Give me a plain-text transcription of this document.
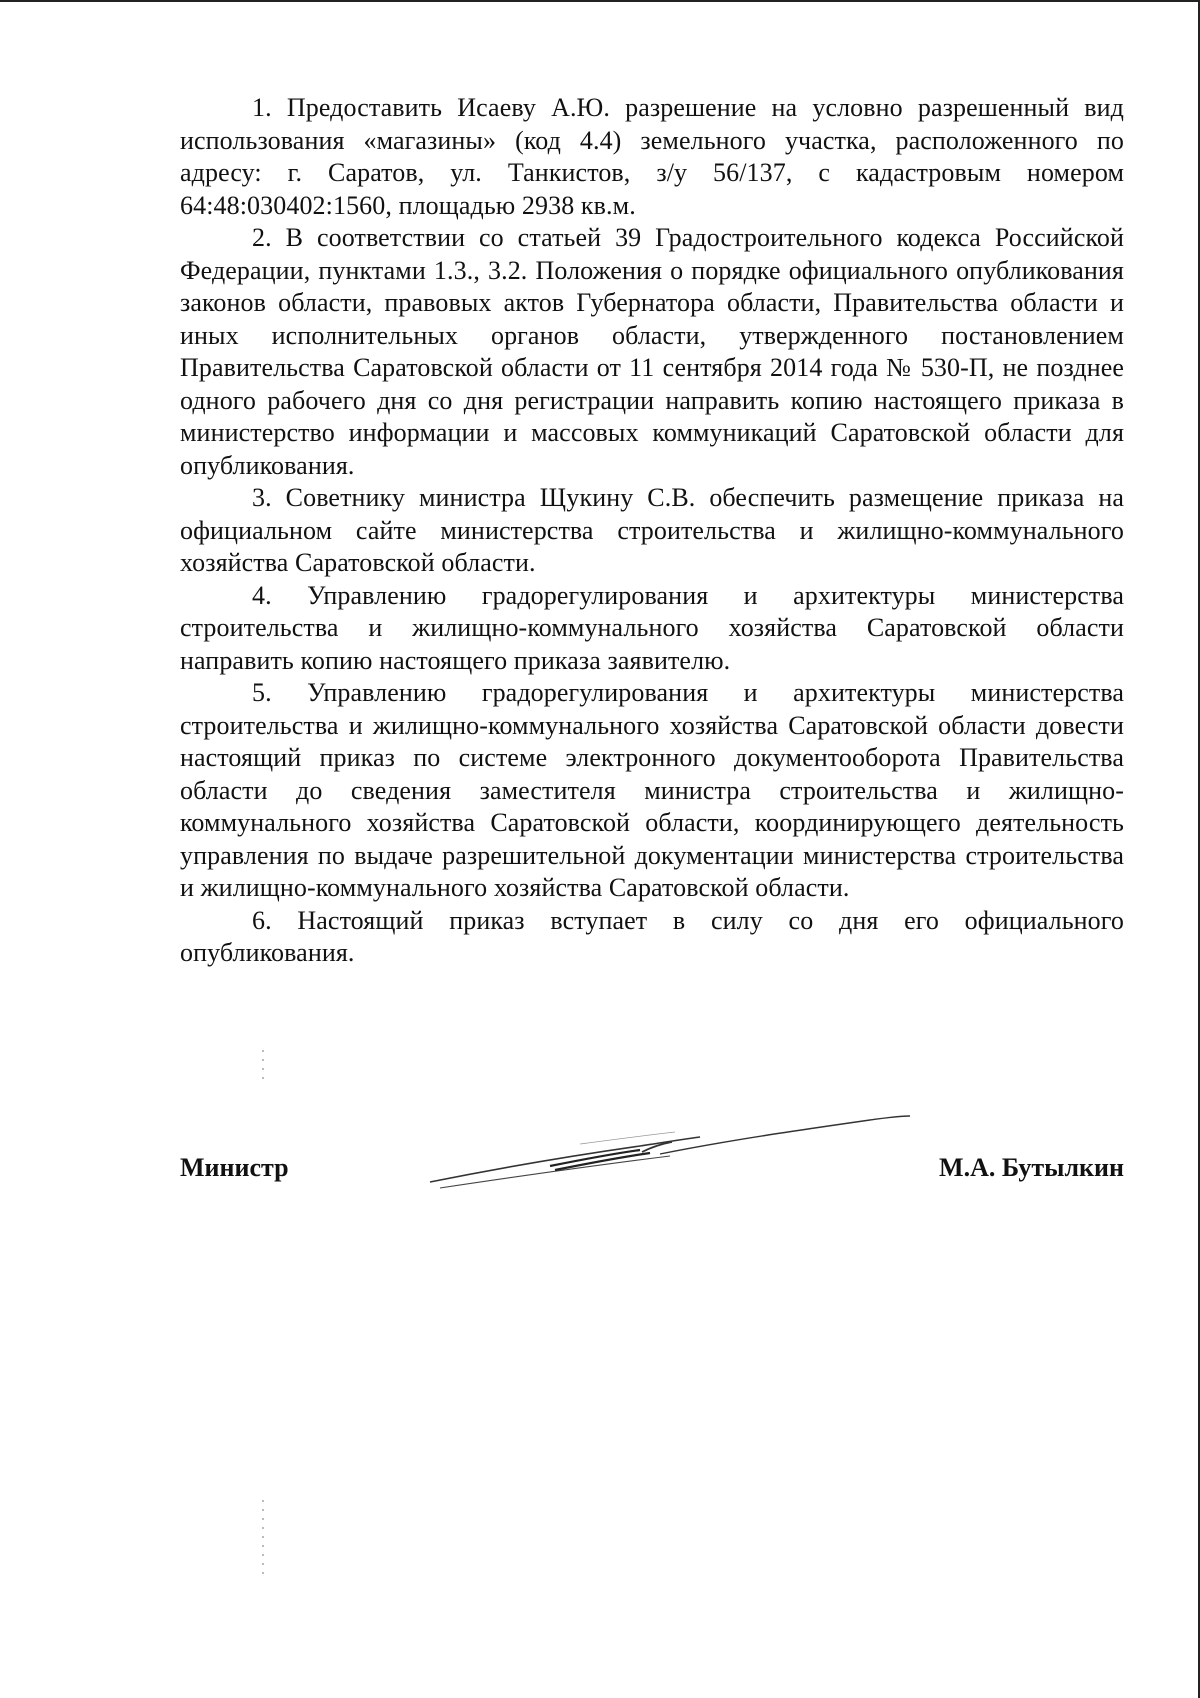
1. Предоставить Исаеву А.Ю. разрешение на условно разрешенный вид использования «магазины» (код 4.4) земельного участка, расположенного по адресу: г. Саратов, ул. Танкистов, з/у 56/137, с кадастровым номером 64:48:030402:1560, площадью 2938 кв.м.

2. В соответствии со статьей 39 Градостроительного кодекса Российской Федерации, пунктами 1.3., 3.2. Положения о порядке официального опубликования законов области, правовых актов Губернатора области, Правительства области и иных исполнительных органов области, утвержденного постановлением Правительства Саратовской области от 11 сентября 2014 года № 530-П, не позднее одного рабочего дня со дня регистрации направить копию настоящего приказа в министерство информации и массовых коммуникаций Саратовской области для опубликования.

3. Советнику министра Щукину С.В. обеспечить размещение приказа на официальном сайте министерства строительства и жилищно-коммунального хозяйства Саратовской области.

4. Управлению градорегулирования и архитектуры министерства строительства и жилищно-коммунального хозяйства Саратовской области направить копию настоящего приказа заявителю.

5. Управлению градорегулирования и архитектуры министерства строительства и жилищно-коммунального хозяйства Саратовской области довести настоящий приказ по системе электронного документооборота Правительства области до сведения заместителя министра строительства и жилищно-коммунального хозяйства Саратовской области, координирующего деятельность управления по выдаче разрешительной документации министерства строительства и жилищно-коммунального хозяйства Саратовской области.

6. Настоящий приказ вступает в силу со дня его официального опубликования.

Министр	М.А. Бутылкин
